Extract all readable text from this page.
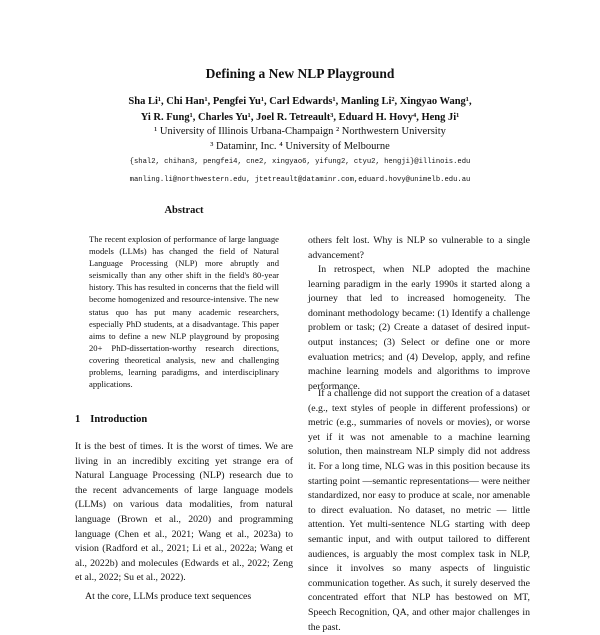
Defining a New NLP Playground
Sha Li¹, Chi Han¹, Pengfei Yu¹, Carl Edwards¹, Manling Li², Xingyao Wang¹,
Yi R. Fung¹, Charles Yu¹, Joel R. Tetreault³, Eduard H. Hovy⁴, Heng Ji¹
¹ University of Illinois Urbana-Champaign ² Northwestern University
³ Dataminr, Inc. ⁴ University of Melbourne
{shal2, chihan3, pengfei4, cne2, xingyao6, yifung2, ctyu2, hengji}@illinois.edu
manling.li@northwestern.edu, jtetreault@dataminr.com,eduard.hovy@unimelb.edu.au
Abstract

The recent explosion of performance of large language models (LLMs) has changed the field of Natural Language Processing (NLP) more abruptly and seismically than any other shift in the field's 80-year history. This has resulted in concerns that the field will become homogenized and resource-intensive. The new status quo has put many academic researchers, especially PhD students, at a disadvantage. This paper aims to define a new NLP playground by proposing 20+ PhD-dissertation-worthy research directions, covering theoretical analysis, new and challenging problems, learning paradigms, and interdisciplinary applications.

1 Introduction

It is the best of times. It is the worst of times. We are living in an incredibly exciting yet strange era of Natural Language Processing (NLP) research due to the recent advancements of large language models (LLMs) on various data modalities, from natural language (Brown et al., 2020) and programming language (Chen et al., 2021; Wang et al., 2023a) to vision (Radford et al., 2021; Li et al., 2022a; Wang et al., 2022b) and molecules (Edwards et al., 2022; Zeng et al., 2022; Su et al., 2022).

At the core, LLMs produce text sequences

others felt lost. Why is NLP so vulnerable to a single advancement?

In retrospect, when NLP adopted the machine learning paradigm in the early 1990s it started along a journey that led to increased homogeneity. The dominant methodology became: (1) Identify a challenge problem or task; (2) Create a dataset of desired input-output instances; (3) Select or define one or more evaluation metrics; and (4) Develop, apply, and refine machine learning models and algorithms to improve performance.

If a challenge did not support the creation of a dataset (e.g., text styles of people in different professions) or metric (e.g., summaries of novels or movies), or worse yet if it was not amenable to a machine learning solution, then mainstream NLP simply did not address it. For a long time, NLG was in this position because its starting point —semantic representations— were neither standardized, nor easy to produce at scale, nor amenable to direct evaluation. No dataset, no metric — little attention. Yet multi-sentence NLG starting with deep semantic input, and with output tailored to different audiences, is arguably the most complex task in NLP, since it involves so many aspects of linguistic communication together. As such, it surely deserved the concentrated effort that NLP has bestowed on MT, Speech Recognition, QA, and other major challenges in the past.
